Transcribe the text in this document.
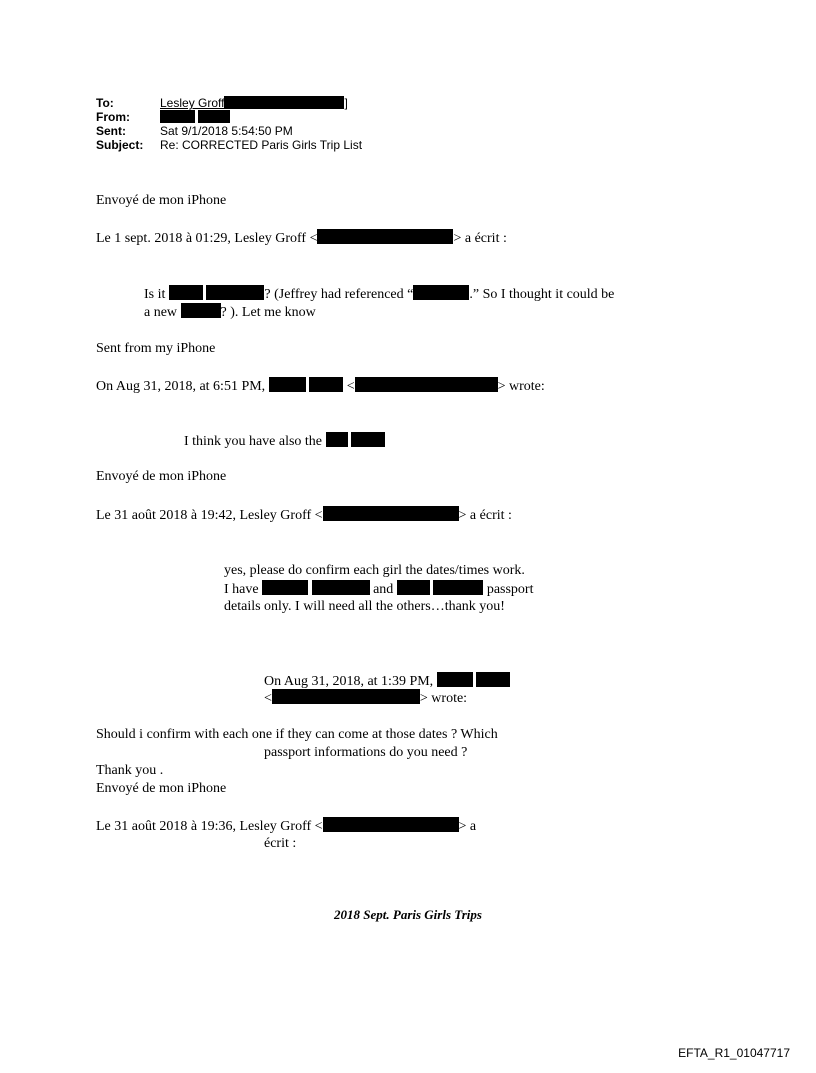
To:	Lesley Groff	]
From:

Sent:	Sat 9/1/2018 5:54:50 PM
Subject: Re: CORRECTED Paris Girls Trip List
Envoyé de mon iPhone
Le 1 sept. 2018 à 01:29, Lesley Groff <	> a écrit :
Is it	? (Jeffrey had referenced “	.” So I thought it could be
a new	? ). Let me know
Sent from my iPhone
On Aug 31, 2018, at 6:51 PM,	<	> wrote:
I think you have also the
Envoyé de mon iPhone
Le 31 août 2018 à 19:42, Lesley Groff <	> a écrit :
yes, please do confirm each girl the dates/times work.
I have	and	passport
details only. I will need all the others…thank you!
On Aug 31, 2018, at 1:39 PM,
<	> wrote:
Should i confirm with each one if they can come at those dates ? Which
passport informations do you need ?
Thank you .
Envoyé de mon iPhone
Le 31 août 2018 à 19:36, Lesley Groff <	> a
écrit :
2018 Sept. Paris Girls Trips
EFTA_R1_01047717
